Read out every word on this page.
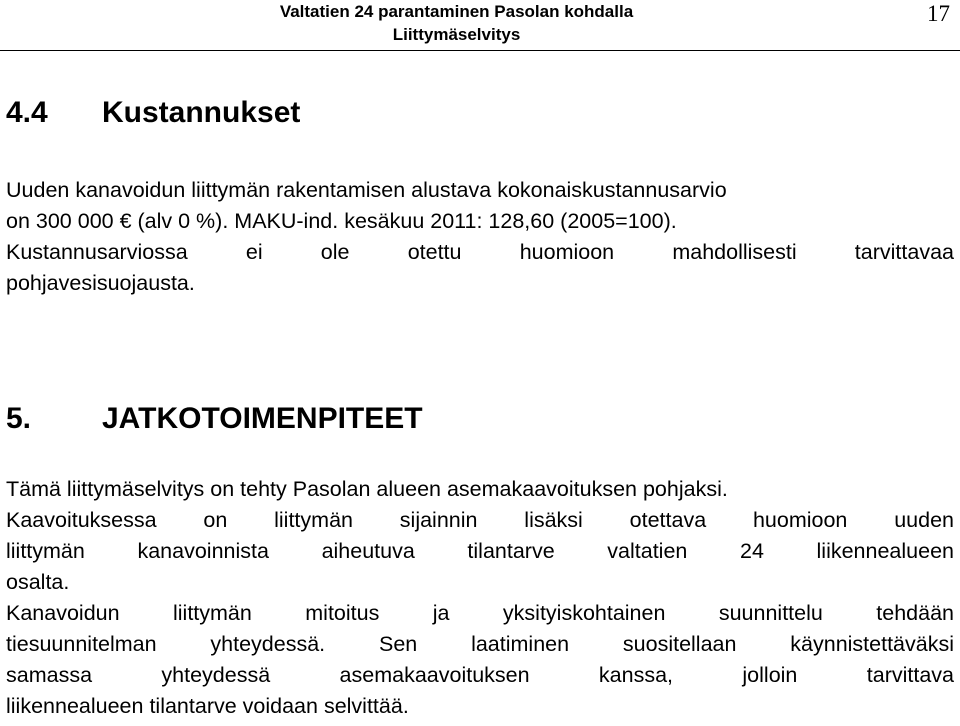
Valtatien 24 parantaminen Pasolan kohdalla
Liittymäselvitys
17
4.4 Kustannukset
Uuden kanavoidun liittymän rakentamisen alustava kokonaiskustannusarvio
on 300 000 € (alv 0 %). MAKU-ind. kesäkuu 2011: 128,60 (2005=100).
Kustannusarviossa ei ole otettu huomioon mahdollisesti tarvittavaa
pohjavesisuojausta.
5. JATKOTOIMENPITEET
Tämä liittymäselvitys on tehty Pasolan alueen asemakaavoituksen pohjaksi.
Kaavoituksessa on liittymän sijainnin lisäksi otettava huomioon uuden
liittymän kanavoinnista aiheutuva tilantarve valtatien 24 liikennealueen
osalta.
Kanavoidun liittymän mitoitus ja yksityiskohtainen suunnittelu tehdään
tiesuunnitelman yhteydessä. Sen laatiminen suositellaan käynnistettäväksi
samassa yhteydessä asemakaavoituksen kanssa, jolloin tarvittava
liikennealueen tilantarve voidaan selvittää.
